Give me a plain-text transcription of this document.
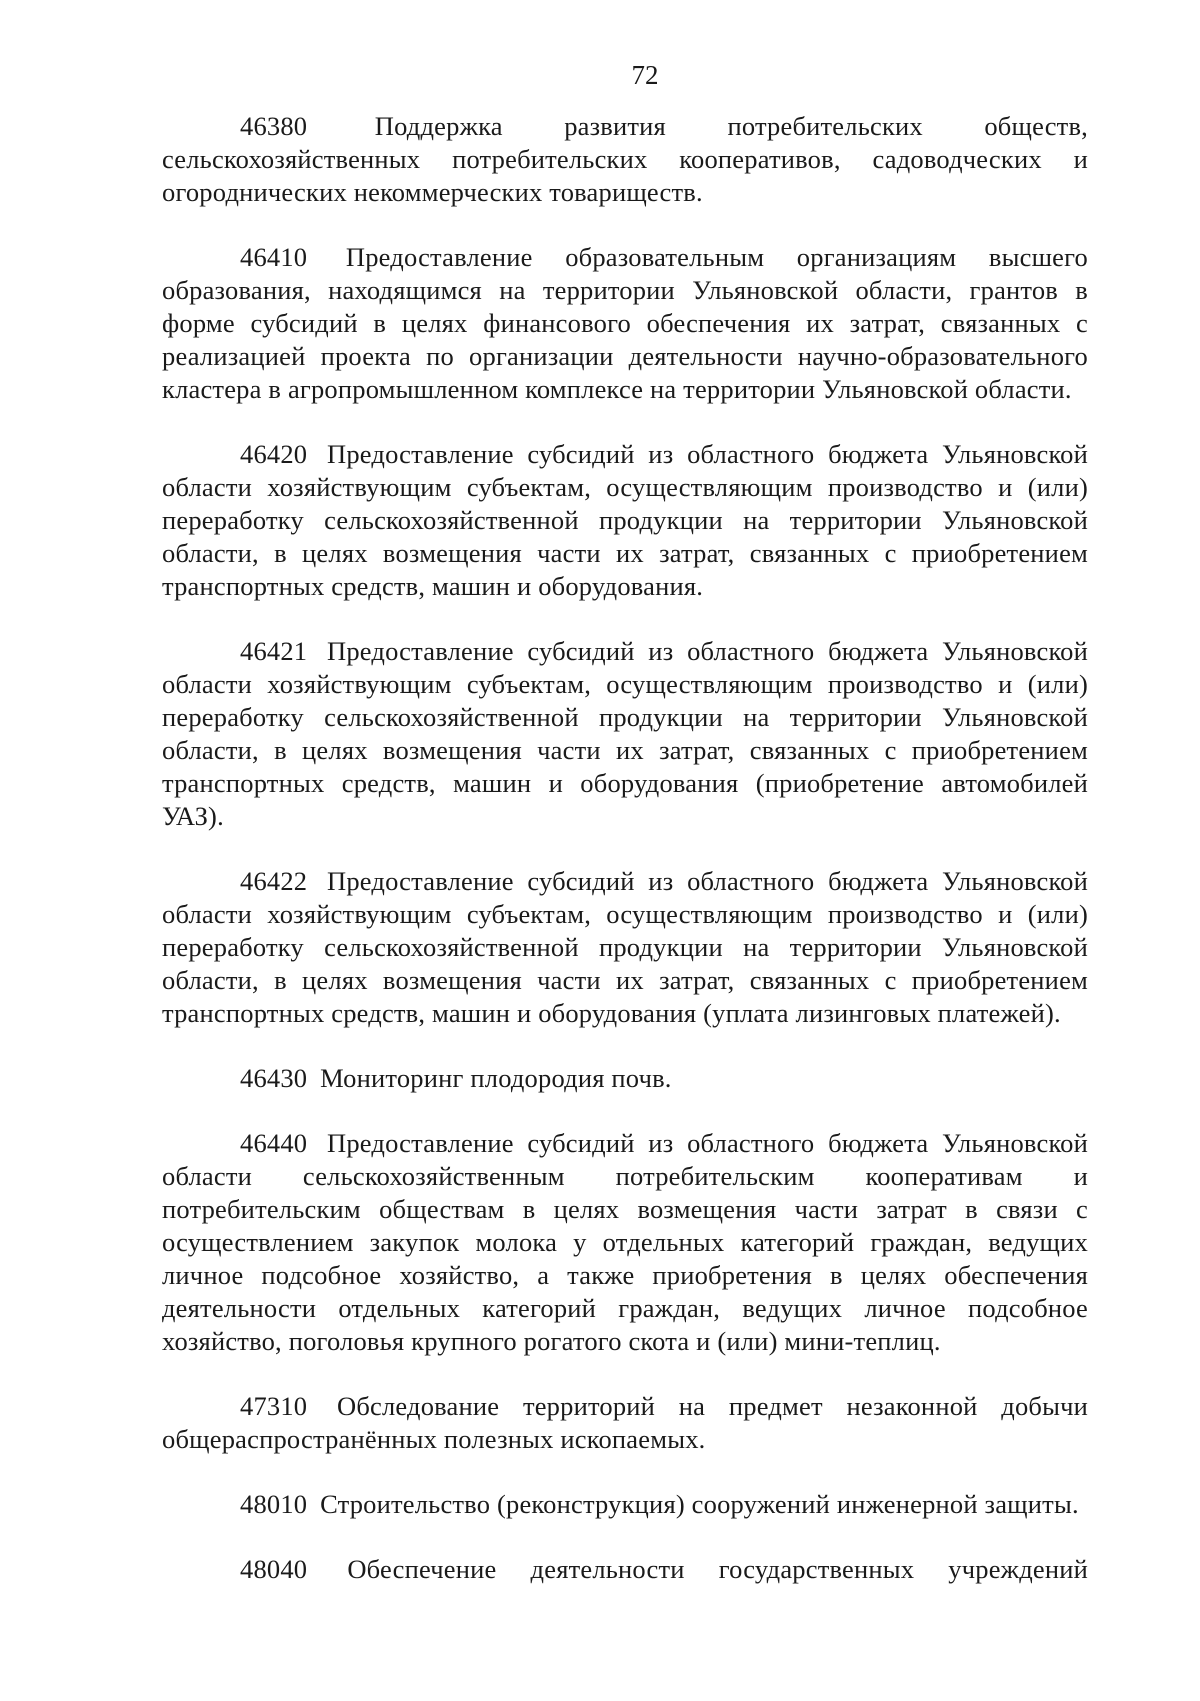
72

46380	Поддержка развития потребительских обществ, сельскохозяйственных потребительских кооперативов, садоводческих и огороднических некоммерческих товариществ.

46410 Предоставление образовательным организациям высшего образования, находящимся на территории Ульяновской области, грантов в форме субсидий в целях финансового обеспечения их затрат, связанных с реализацией проекта по организации деятельности научно-образовательного кластера в агропромышленном комплексе на территории Ульяновской области.

46420 Предоставление субсидий из областного бюджета Ульяновской области хозяйствующим субъектам, осуществляющим производство и (или) переработку сельскохозяйственной продукции на территории Ульяновской области, в целях возмещения части их затрат, связанных с приобретением транспортных средств, машин и оборудования.

46421 Предоставление субсидий из областного бюджета Ульяновской области хозяйствующим субъектам, осуществляющим производство и (или) переработку сельскохозяйственной продукции на территории Ульяновской области, в целях возмещения части их затрат, связанных с приобретением транспортных средств, машин и оборудования (приобретение автомобилей УАЗ).

46422 Предоставление субсидий из областного бюджета Ульяновской области хозяйствующим субъектам, осуществляющим производство и (или) переработку сельскохозяйственной продукции на территории Ульяновской области, в целях возмещения части их затрат, связанных с приобретением транспортных средств, машин и оборудования (уплата лизинговых платежей).

46430 Мониторинг плодородия почв.

46440 Предоставление субсидий из областного бюджета Ульяновской области сельскохозяйственным потребительским кооперативам и потребительским обществам в целях возмещения части затрат в связи с осуществлением закупок молока у отдельных категорий граждан, ведущих личное подсобное хозяйство, а также приобретения в целях обеспечения деятельности отдельных категорий граждан, ведущих личное подсобное хозяйство, поголовья крупного рогатого скота и (или) мини-теплиц.

47310 Обследование территорий на предмет незаконной добычи общераспространённых полезных ископаемых.

48010 Строительство (реконструкция) сооружений инженерной защиты.

48040 Обеспечение деятельности государственных учреждений
